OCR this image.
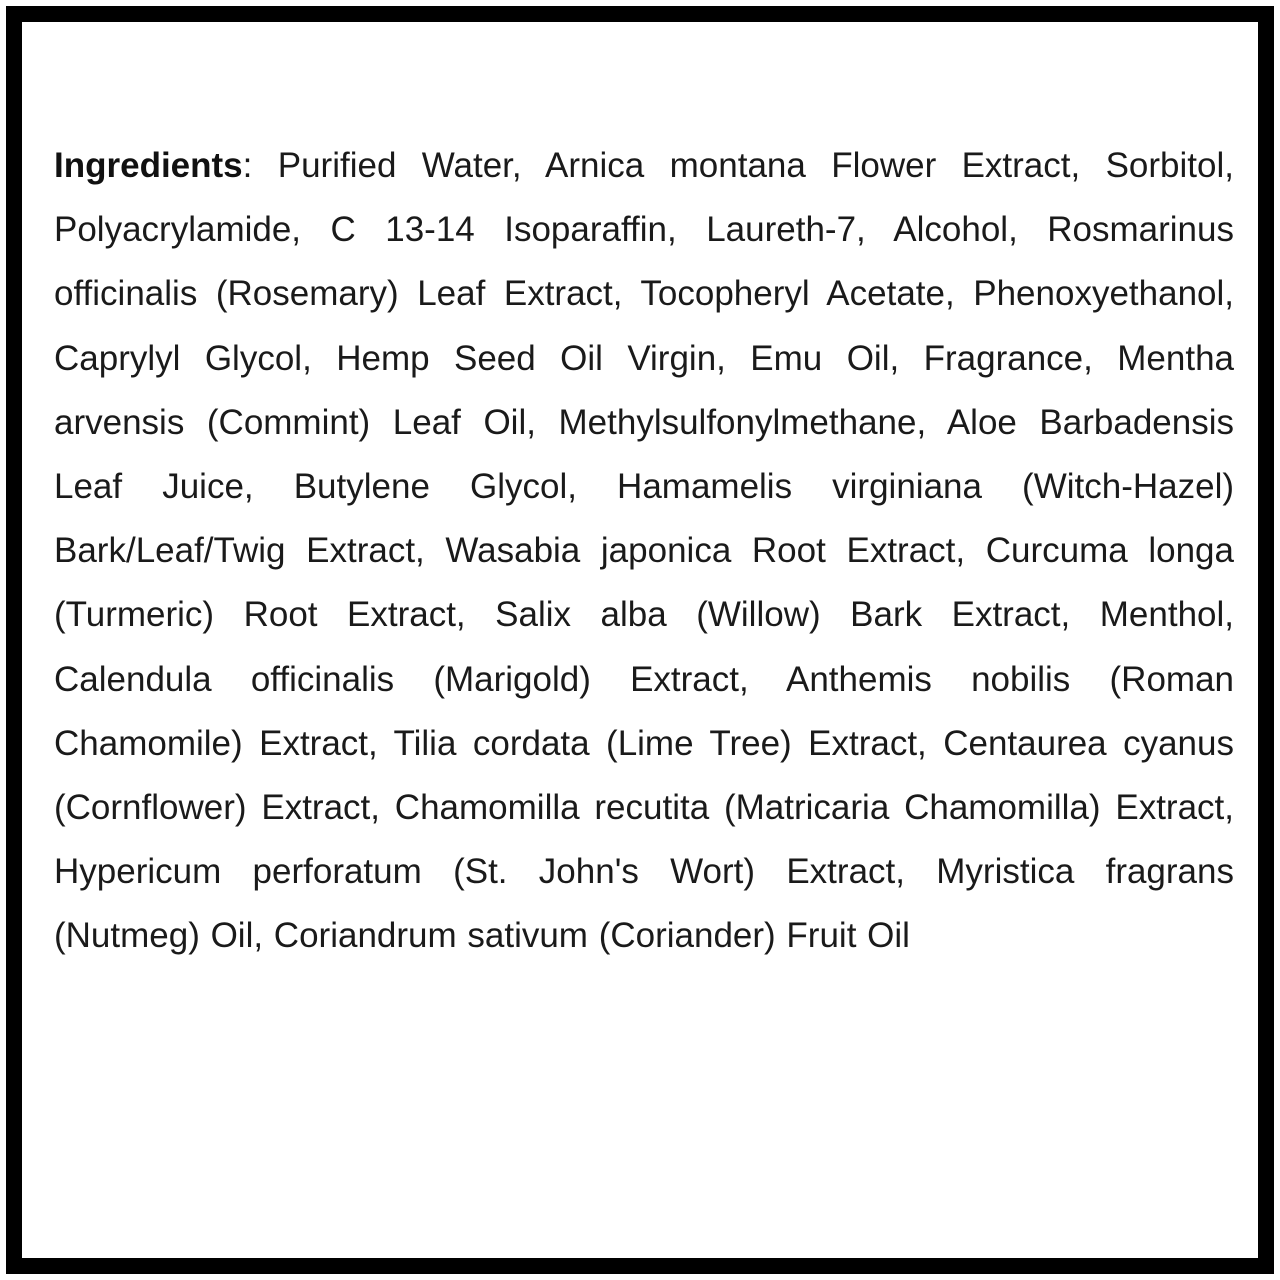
Ingredients: Purified Water, Arnica montana Flower Extract, Sorbitol, Polyacrylamide, C 13-14 Isoparaffin, Laureth-7, Alcohol, Rosmarinus officinalis (Rosemary) Leaf Extract, Tocopheryl Acetate, Phenoxyethanol, Caprylyl Glycol, Hemp Seed Oil Virgin, Emu Oil, Fragrance, Mentha arvensis (Commint) Leaf Oil, Methylsulfonylmethane, Aloe Barbadensis Leaf Juice, Butylene Glycol, Hamamelis virginiana (Witch-Hazel) Bark/Leaf/Twig Extract, Wasabia japonica Root Extract, Curcuma longa (Turmeric) Root Extract, Salix alba (Willow) Bark Extract, Menthol, Calendula officinalis (Marigold) Extract, Anthemis nobilis (Roman Chamomile) Extract, Tilia cordata (Lime Tree) Extract, Centaurea cyanus (Cornflower) Extract, Chamomilla recutita (Matricaria Chamomilla) Extract, Hypericum perforatum (St. John's Wort) Extract, Myristica fragrans (Nutmeg) Oil, Coriandrum sativum (Coriander) Fruit Oil
